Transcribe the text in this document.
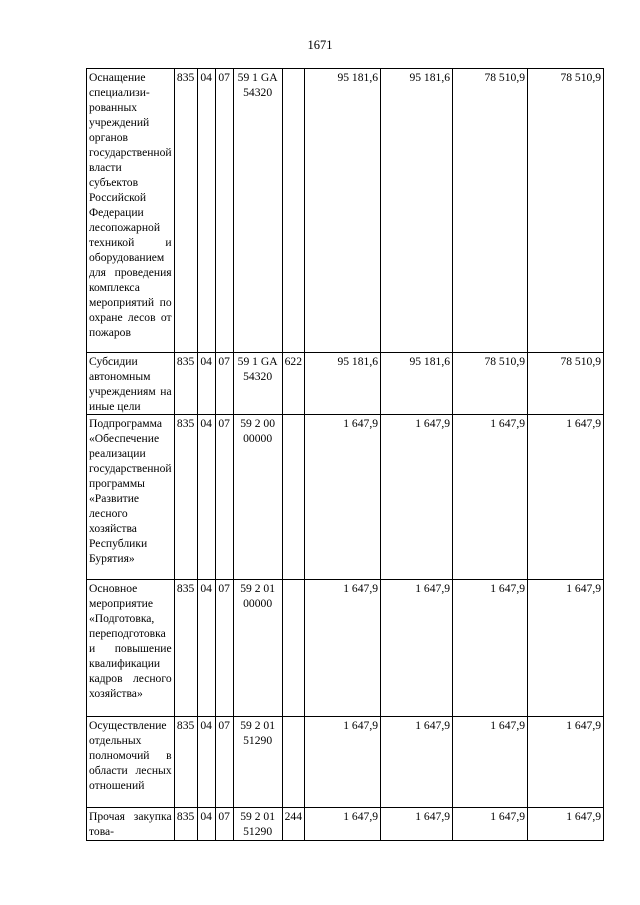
1671
Оснащение специализи-рованных учреждений органов государственной власти субъектов Российской Федерации лесопожарной техникой и оборудованием для проведения комплекса мероприятий по охране лесов от пожаров	835	04	07	59 1 GA 54320		95 181,6	95 181,6	78 510,9	78 510,9
Субсидии автономным учреждениям на иные цели	835	04	07	59 1 GA 54320	622	95 181,6	95 181,6	78 510,9	78 510,9
Подпрограмма «Обеспечение реализации государственной программы «Развитие лесного хозяйства Республики Бурятия»	835	04	07	59 2 00 00000		1 647,9	1 647,9	1 647,9	1 647,9
Основное мероприятие «Подготовка, переподготовка и повышение квалификации кадров лесного хозяйства»	835	04	07	59 2 01 00000		1 647,9	1 647,9	1 647,9	1 647,9
Осуществление отдельных полномочий в области лесных отношений	835	04	07	59 2 01 51290		1 647,9	1 647,9	1 647,9	1 647,9

Прочая закупка това-	835	04	07	59 2 01 51290	244	1 647,9	1 647,9	1 647,9	1 647,9
